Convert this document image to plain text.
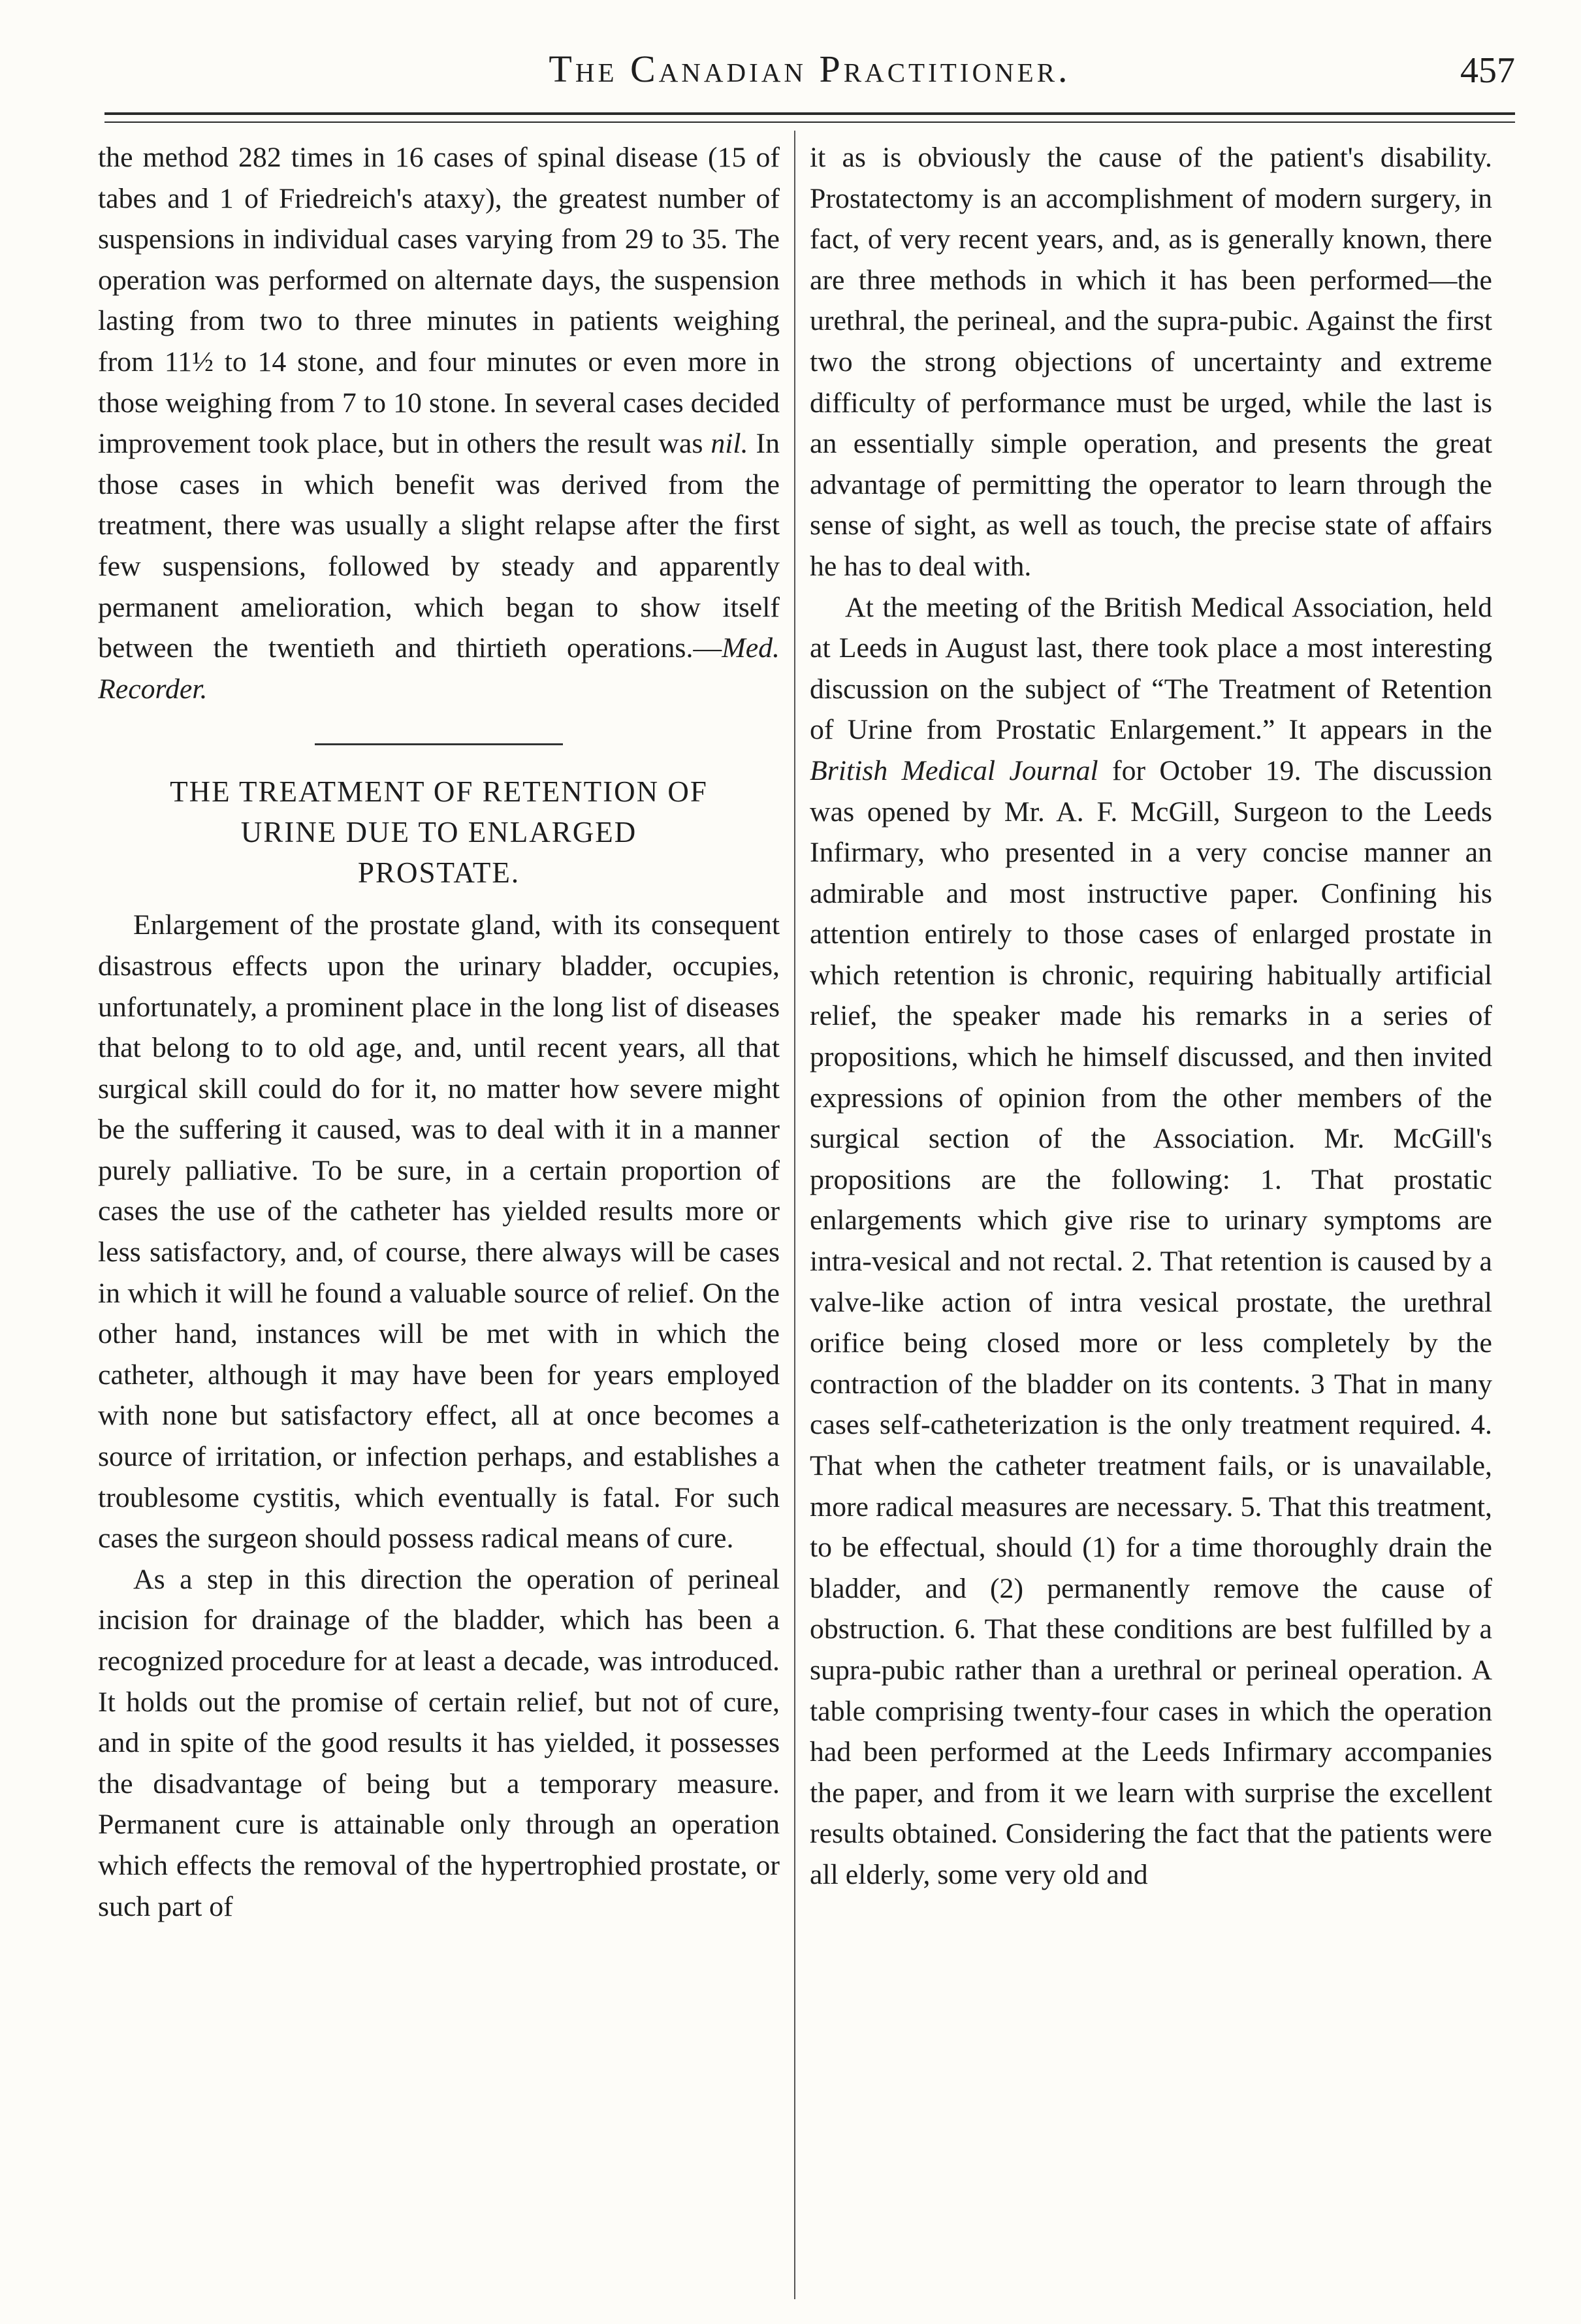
The Canadian Practitioner.	457

the method 282 times in 16 cases of spinal disease (15 of tabes and 1 of Friedreich's ataxy), the greatest number of suspensions in individual cases varying from 29 to 35. The operation was performed on alternate days, the suspension lasting from two to three minutes in patients weighing from 11½ to 14 stone, and four minutes or even more in those weighing from 7 to 10 stone. In several cases decided improvement took place, but in others the result was nil. In those cases in which benefit was derived from the treatment, there was usually a slight relapse after the first few suspensions, followed by steady and apparently permanent amelioration, which began to show itself between the twentieth and thirtieth operations.—Med. Recorder.

THE TREATMENT OF RETENTION OF
URINE DUE TO ENLARGED
PROSTATE.

Enlargement of the prostate gland, with its consequent disastrous effects upon the urinary bladder, occupies, unfortunately, a prominent place in the long list of diseases that belong to to old age, and, until recent years, all that surgical skill could do for it, no matter how severe might be the suffering it caused, was to deal with it in a manner purely palliative. To be sure, in a certain proportion of cases the use of the catheter has yielded results more or less satisfactory, and, of course, there always will be cases in which it will he found a valuable source of relief. On the other hand, instances will be met with in which the catheter, although it may have been for years employed with none but satisfactory effect, all at once becomes a source of irritation, or infection perhaps, and establishes a troublesome cystitis, which eventually is fatal. For such cases the surgeon should possess radical means of cure.

As a step in this direction the operation of perineal incision for drainage of the bladder, which has been a recognized procedure for at least a decade, was introduced. It holds out the promise of certain relief, but not of cure, and in spite of the good results it has yielded, it possesses the disadvantage of being but a temporary measure. Permanent cure is attainable only through an operation which effects the removal of the hypertrophied prostate, or such part of

it as is obviously the cause of the patient's disability. Prostatectomy is an accomplishment of modern surgery, in fact, of very recent years, and, as is generally known, there are three methods in which it has been performed—the urethral, the perineal, and the supra-pubic. Against the first two the strong objections of uncertainty and extreme difficulty of performance must be urged, while the last is an essentially simple operation, and presents the great advantage of permitting the operator to learn through the sense of sight, as well as touch, the precise state of affairs he has to deal with.

At the meeting of the British Medical Association, held at Leeds in August last, there took place a most interesting discussion on the subject of “The Treatment of Retention of Urine from Prostatic Enlargement.” It appears in the British Medical Journal for October 19. The discussion was opened by Mr. A. F. McGill, Surgeon to the Leeds Infirmary, who presented in a very concise manner an admirable and most instructive paper. Confining his attention entirely to those cases of enlarged prostate in which retention is chronic, requiring habitually artificial relief, the speaker made his remarks in a series of propositions, which he himself discussed, and then invited expressions of opinion from the other members of the surgical section of the Association. Mr. McGill's propositions are the following: 1. That prostatic enlargements which give rise to urinary symptoms are intra-vesical and not rectal. 2. That retention is caused by a valve-like action of intra vesical prostate, the urethral orifice being closed more or less completely by the contraction of the bladder on its contents. 3 That in many cases self-catheterization is the only treatment required. 4. That when the catheter treatment fails, or is unavailable, more radical measures are necessary. 5. That this treatment, to be effectual, should (1) for a time thoroughly drain the bladder, and (2) permanently remove the cause of obstruction. 6. That these conditions are best fulfilled by a supra-pubic rather than a urethral or perineal operation. A table comprising twenty-four cases in which the operation had been performed at the Leeds Infirmary accompanies the paper, and from it we learn with surprise the excellent results obtained. Considering the fact that the patients were all elderly, some very old and
